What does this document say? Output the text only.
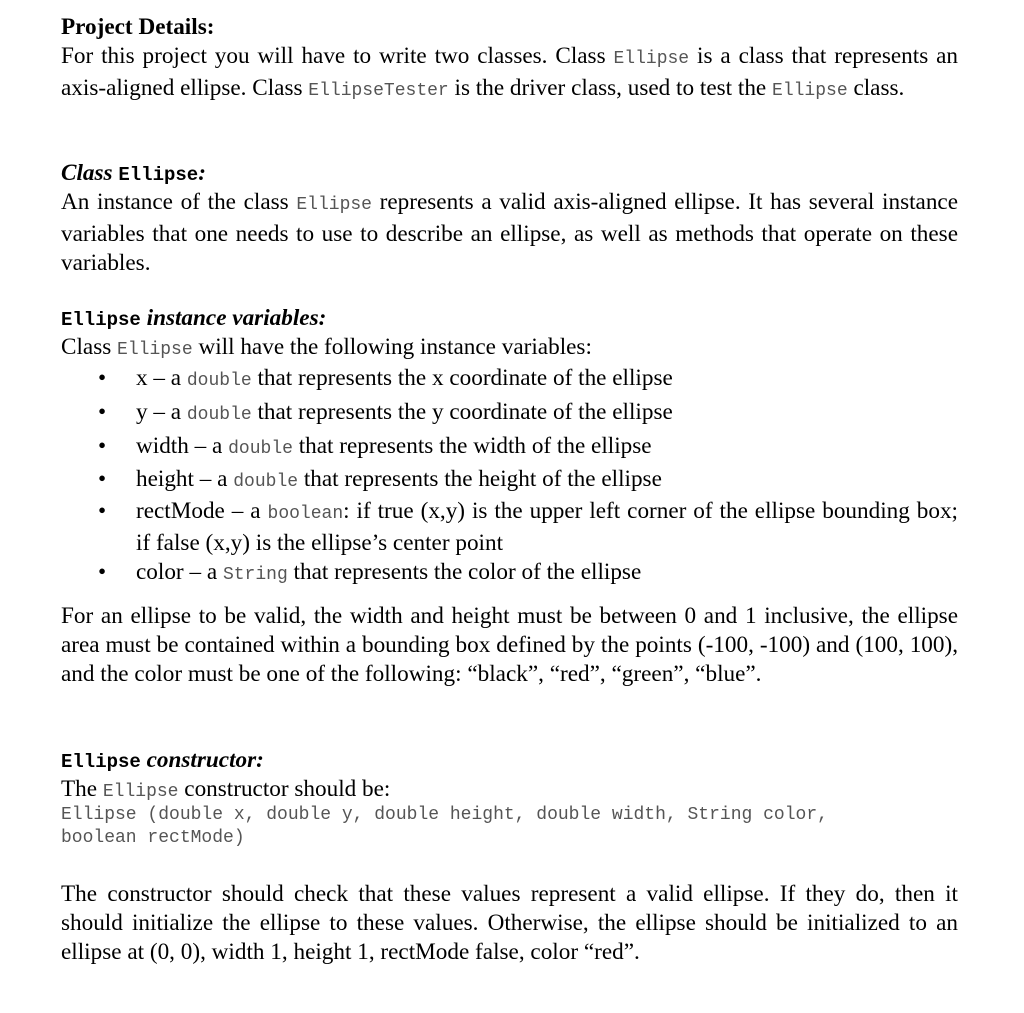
Project Details:
For this project you will have to write two classes. Class Ellipse is a class that represents an axis-aligned ellipse. Class EllipseTester is the driver class, used to test the Ellipse class.
Class Ellipse:
An instance of the class Ellipse represents a valid axis-aligned ellipse. It has several instance variables that one needs to use to describe an ellipse, as well as methods that operate on these variables.
Ellipse instance variables:
Class Ellipse will have the following instance variables:
• x – a double that represents the x coordinate of the ellipse
• y – a double that represents the y coordinate of the ellipse
• width – a double that represents the width of the ellipse
• height – a double that represents the height of the ellipse
• rectMode – a boolean: if true (x,y) is the upper left corner of the ellipse bounding box; if false (x,y) is the ellipse’s center point
• color – a String that represents the color of the ellipse
For an ellipse to be valid, the width and height must be between 0 and 1 inclusive, the ellipse area must be contained within a bounding box defined by the points (-100, -100) and (100, 100), and the color must be one of the following: “black”, “red”, “green”, “blue”.
Ellipse constructor:
The Ellipse constructor should be:
Ellipse (double x, double y, double height, double width, String color,
boolean rectMode)
The constructor should check that these values represent a valid ellipse. If they do, then it should initialize the ellipse to these values. Otherwise, the ellipse should be initialized to an ellipse at (0, 0), width 1, height 1, rectMode false, color “red”.
